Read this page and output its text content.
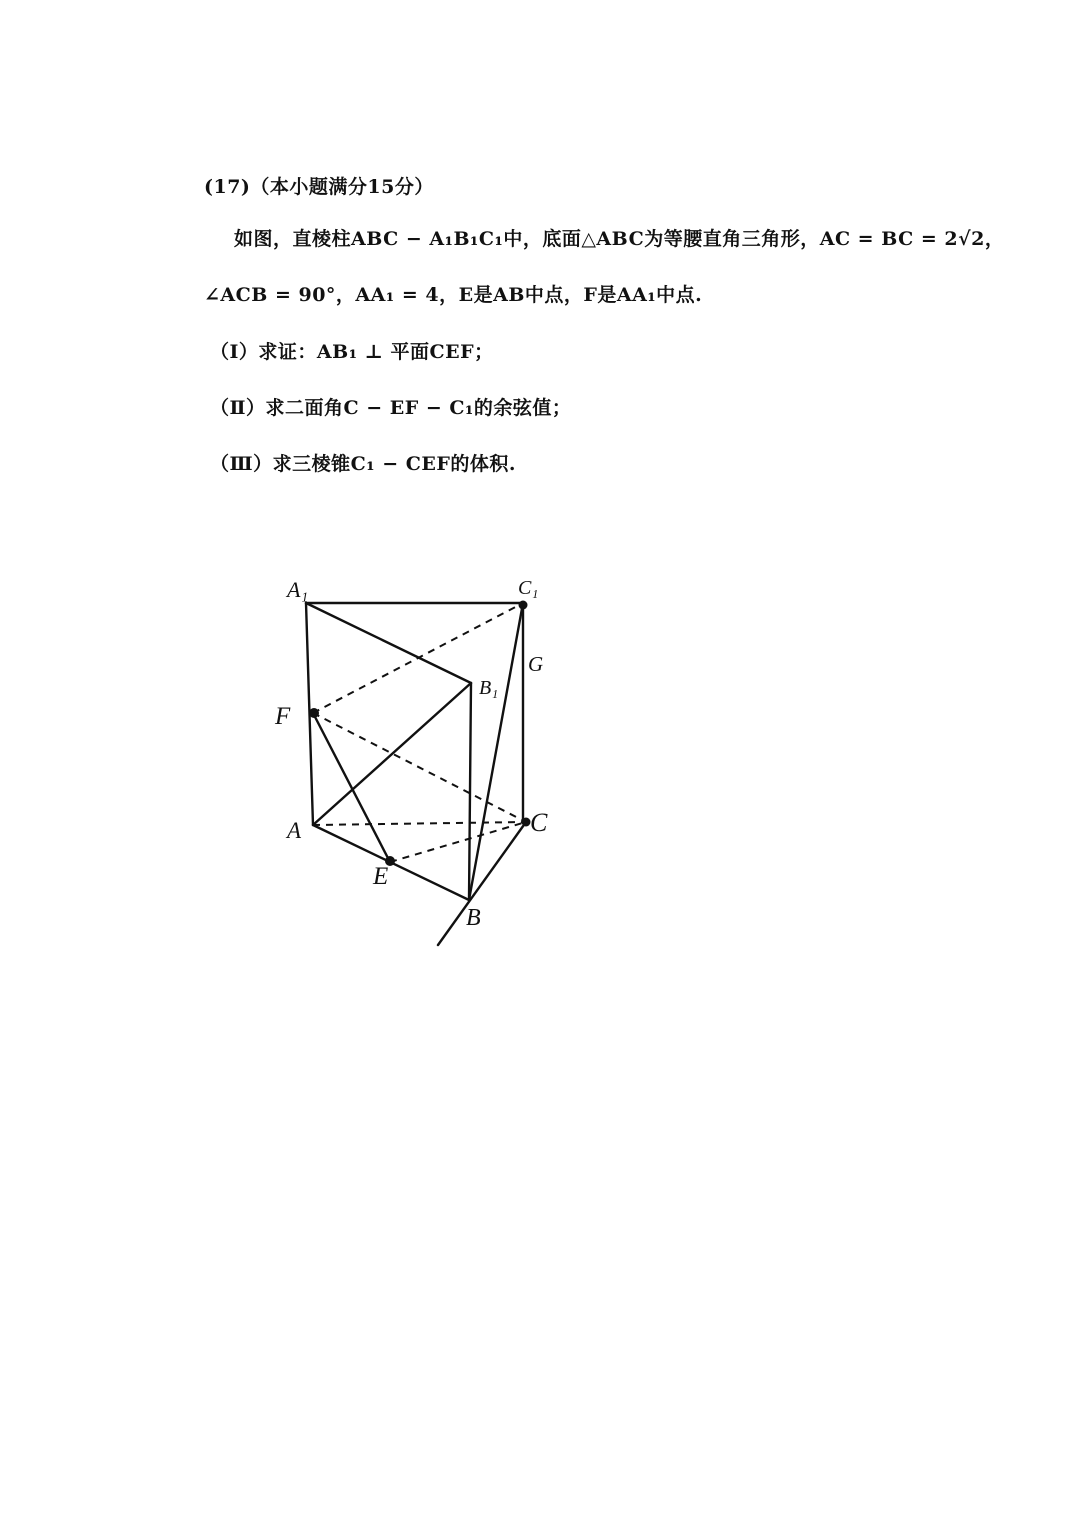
(17)（本小题满分15分）
如图，直棱柱ABC − A₁B₁C₁中，底面△ABC为等腰直角三角形，AC = BC = 2√2，
∠ACB = 90°，AA₁ = 4，E是AB中点，F是AA₁中点.
（Ⅰ）求证：AB₁ ⊥ 平面CEF；
（Ⅱ）求二面角C − EF − C₁的余弦值；
（Ⅲ）求三棱锥C₁ − CEF的体积.
A₁	C₁
B₁
G
F
A	C
E
B
